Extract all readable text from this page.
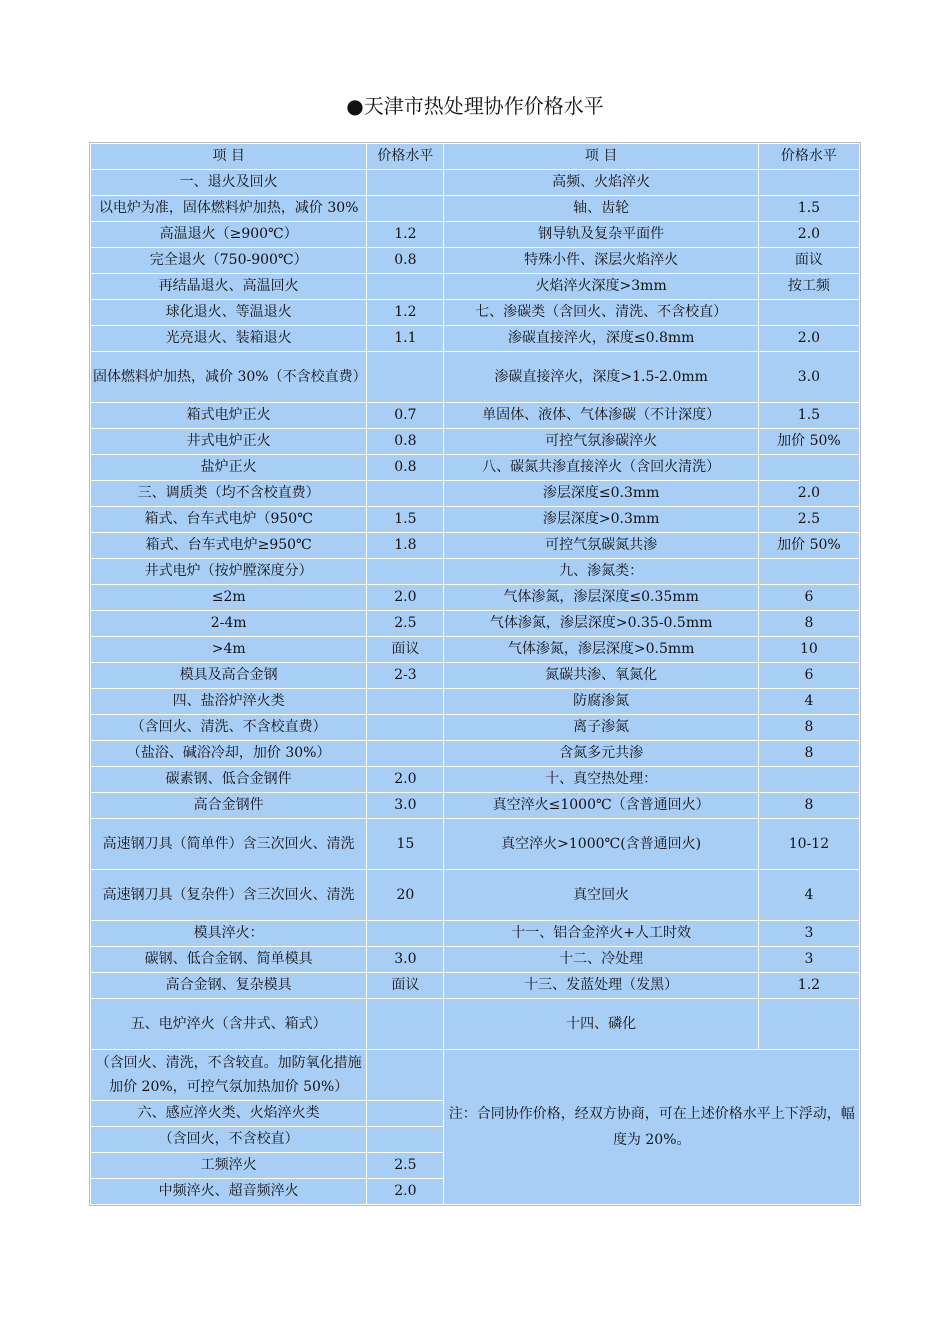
●天津市热处理协作价格水平
项 目	价格水平	项 目	价格水平
一、退火及回火		高频、火焰淬火	
以电炉为准，固体燃料炉加热，减价 30%		轴、齿轮	1.5
高温退火（≥900℃）	1.2	钢导轨及复杂平面件	2.0
完全退火（750-900℃）	0.8	特殊小件、深层火焰淬火	面议
再结晶退火、高温回火		火焰淬火深度>3mm	按工频
球化退火、等温退火	1.2	七、渗碳类（含回火、清洗、不含校直）	
光亮退火、装箱退火	1.1	渗碳直接淬火，深度≤0.8mm	2.0
固体燃料炉加热，减价 30%（不含校直费）		渗碳直接淬火，深度>1.5-2.0mm	3.0
箱式电炉正火	0.7	单固体、液体、气体渗碳（不计深度）	1.5
井式电炉正火	0.8	可控气氛渗碳淬火	加价 50%
盐炉正火	0.8	八、碳氮共渗直接淬火（含回火清洗）	
三、调质类（均不含校直费）		渗层深度≤0.3mm	2.0
箱式、台车式电炉（950℃	1.5	渗层深度>0.3mm	2.5
箱式、台车式电炉≥950℃	1.8	可控气氛碳氮共渗	加价 50%
井式电炉（按炉膛深度分）		九、渗氮类：	
≤2m	2.0	气体渗氮，渗层深度≤0.35mm	6
2-4m	2.5	气体渗氮，渗层深度>0.35-0.5mm	8
>4m	面议	气体渗氮，渗层深度>0.5mm	10
模具及高合金钢	2-3	氮碳共渗、氧氮化	6
四、盐浴炉淬火类		防腐渗氮	4
（含回火、清洗、不含校直费）		离子渗氮	8
（盐浴、碱浴冷却，加价 30%）		含氮多元共渗	8
碳素钢、低合金钢件	2.0	十、真空热处理：	
高合金钢件	3.0	真空淬火≤1000℃（含普通回火）	8
高速钢刀具（简单件）含三次回火、清洗	15	真空淬火>1000℃(含普通回火)	10-12
高速钢刀具（复杂件）含三次回火、清洗	20	真空回火	4
模具淬火：		十一、铝合金淬火+人工时效	3
碳钢、低合金钢、简单模具	3.0	十二、冷处理	3
高合金钢、复杂模具	面议	十三、发蓝处理（发黑）	1.2
五、电炉淬火（含井式、箱式）		十四、磷化	
（含回火、清洗，不含较直。加防氧化措施加价 20%，可控气氛加热加价 50%）		注：合同协作价格，经双方协商，可在上述价格水平上下浮动，幅度为 20%。	
六、感应淬火类、火焰淬火类			
（含回火，不含校直）			
工频淬火	2.5		
中频淬火、超音频淬火	2.0		
